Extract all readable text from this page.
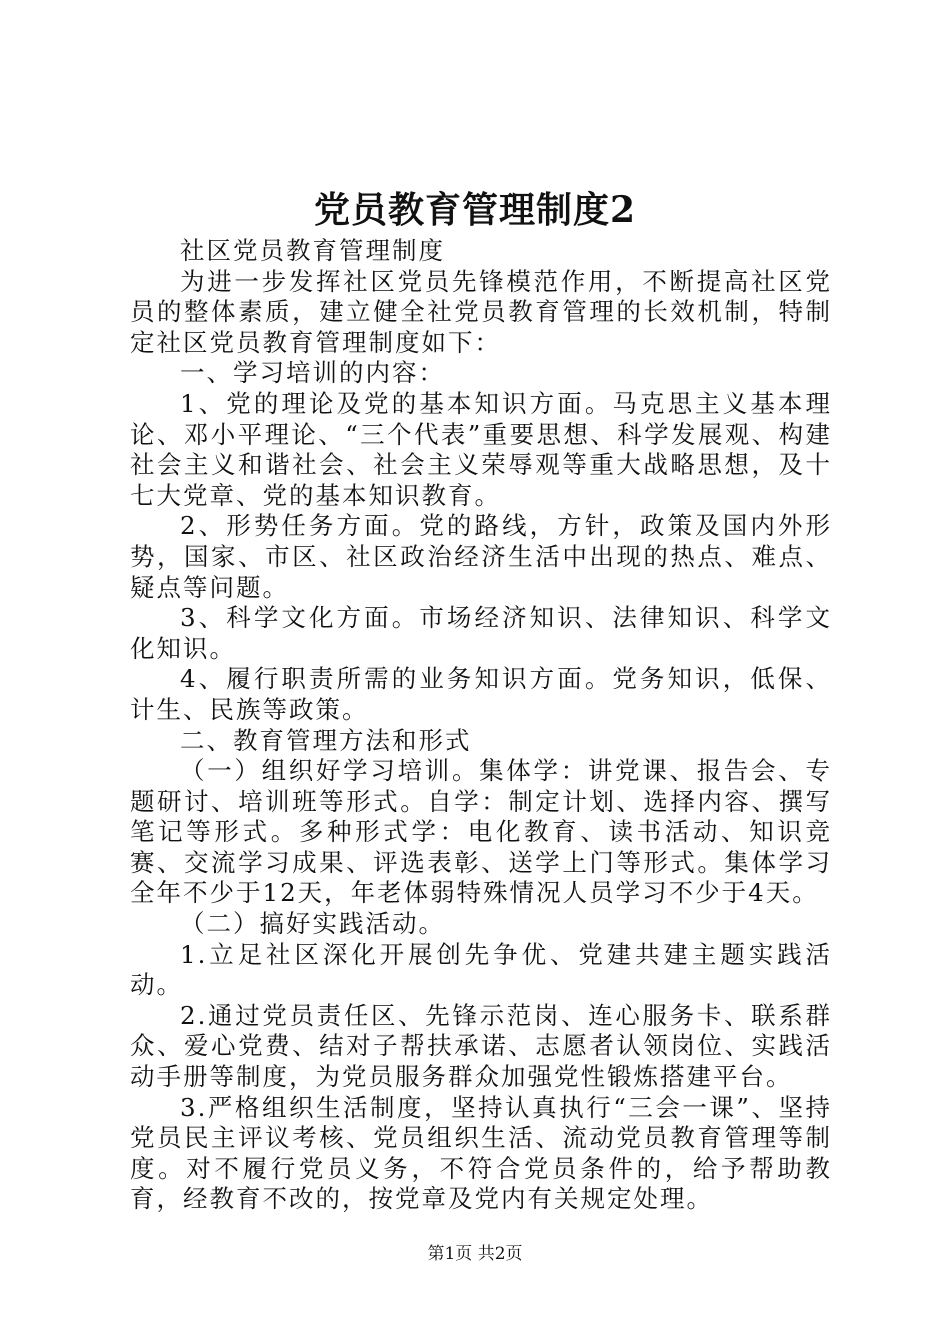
党员教育管理制度2

社区党员教育管理制度

为进一步发挥社区党员先锋模范作用，不断提高社区党员的整体素质，建立健全社党员教育管理的长效机制，特制定社区党员教育管理制度如下：

一、学习培训的内容：

1、党的理论及党的基本知识方面。马克思主义基本理论、邓小平理论、“三个代表”重要思想、科学发展观、构建社会主义和谐社会、社会主义荣辱观等重大战略思想，及十七大党章、党的基本知识教育。

2、形势任务方面。党的路线，方针，政策及国内外形势，国家、市区、社区政治经济生活中出现的热点、难点、疑点等问题。

3、科学文化方面。市场经济知识、法律知识、科学文化知识。

4、履行职责所需的业务知识方面。党务知识，低保、计生、民族等政策。

二、教育管理方法和形式

（一）组织好学习培训。集体学：讲党课、报告会、专题研讨、培训班等形式。自学：制定计划、选择内容、撰写笔记等形式。多种形式学：电化教育、读书活动、知识竞赛、交流学习成果、评选表彰、送学上门等形式。集体学习全年不少于12天，年老体弱特殊情况人员学习不少于4天。

（二）搞好实践活动。

1.立足社区深化开展创先争优、党建共建主题实践活动。

2.通过党员责任区、先锋示范岗、连心服务卡、联系群众、爱心党费、结对子帮扶承诺、志愿者认领岗位、实践活动手册等制度，为党员服务群众加强党性锻炼搭建平台。

3.严格组织生活制度，坚持认真执行“三会一课”、坚持党员民主评议考核、党员组织生活、流动党员教育管理等制度。对不履行党员义务，不符合党员条件的，给予帮助教育，经教育不改的，按党章及党内有关规定处理。

第1页 共2页
